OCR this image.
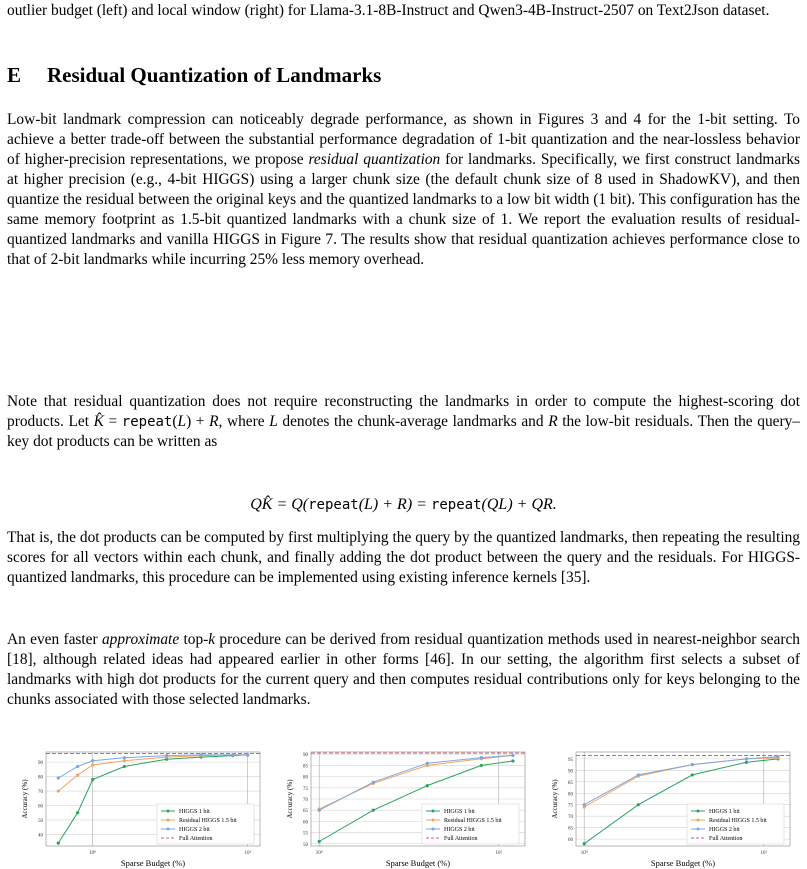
outlier budget (left) and local window (right) for Llama-3.1-8B-Instruct and Qwen3-4B-Instruct-2507 on Text2Json dataset.
E Residual Quantization of Landmarks
Low-bit landmark compression can noticeably degrade performance, as shown in Figures 3 and 4 for the 1-bit setting. To achieve a better trade-off between the substantial performance degradation of 1-bit quantization and the near-lossless behavior of higher-precision representations, we propose residual quantization for landmarks. Specifically, we first construct landmarks at higher precision (e.g., 4-bit HIGGS) using a larger chunk size (the default chunk size of 8 used in ShadowKV), and then quantize the residual between the original keys and the quantized landmarks to a low bit width (1 bit). This configuration has the same memory footprint as 1.5-bit quantized landmarks with a chunk size of 1. We report the evaluation results of residual-quantized landmarks and vanilla HIGGS in Figure 7. The results show that residual quantization achieves performance close to that of 2-bit landmarks while incurring 25% less memory overhead.
Note that residual quantization does not require reconstructing the landmarks in order to compute the highest-scoring dot products. Let K̂ = repeat(L) + R, where L denotes the chunk-average landmarks and R the low-bit residuals. Then the query–key dot products can be written as
QK̂ = Q(repeat(L) + R) = repeat(QL) + QR.
That is, the dot products can be computed by first multiplying the query by the quantized landmarks, then repeating the resulting scores for all vectors within each chunk, and finally adding the dot product between the query and the residuals. For HIGGS-quantized landmarks, this procedure can be implemented using existing inference kernels [35].
An even faster approximate top-k procedure can be derived from residual quantization methods used in nearest-neighbor search [18], although related ideas had appeared earlier in other forms [46]. In our setting, the algorithm first selects a subset of landmarks with high dot products for the current query and then computes residual contributions only for keys belonging to the chunks associated with those selected landmarks.
40
50
60
70
80
90
10⁰	10¹
Sparse Budget (%)
Accuracy (%)	HIGGS 1 bit
Residual HIGGS 1.5 bit
HIGGS 2 bit
Full Attention
50
55
60
65
70
75
80
85
90
10⁰	10¹
Sparse Budget (%)
Accuracy (%)	HIGGS 1 bit
Residual HIGGS 1.5 bit
HIGGS 2 bit
Full Attention	60
65
70
75
80
85
90
95
10⁰	10¹
Sparse Budget (%)
Accuracy (%)	HIGGS 1 bit
Residual HIGGS 1.5 bit
HIGGS 2 bit
Full Attention
